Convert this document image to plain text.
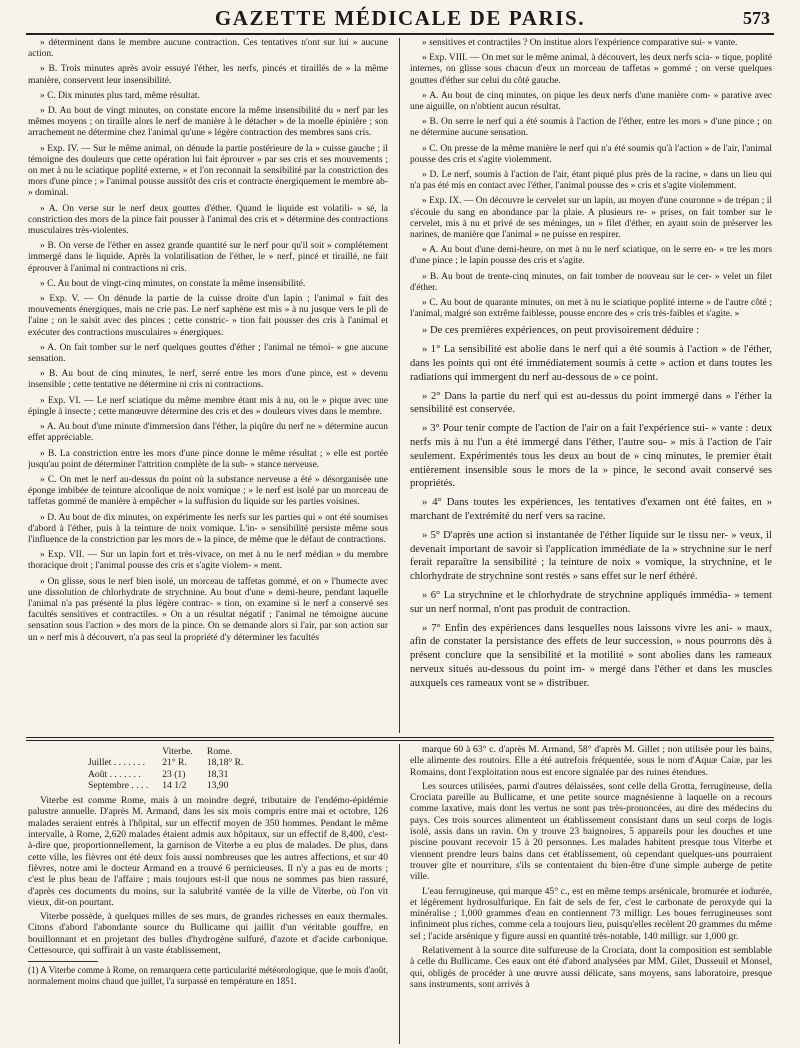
GAZETTE MÉDICALE DE PARIS.	573

» déterminent dans le membre aucune contraction. Ces tentatives n'ont sur lui » aucune action.

» B. Trois minutes après avoir essuyé l'éther, les nerfs, pincés et tiraillés de » la même manière, conservent leur insensibilité.

» C. Dix minutes plus tard, même résultat.

» D. Au bout de vingt minutes, on constate encore la même insensibilité du » nerf par les mêmes moyens ; on tiraille alors le nerf de manière à le détacher » de la moelle épinière ; son arrachement ne détermine chez l'animal qu'une » légère contraction des membres sans cris.

» Exp. IV. — Sur le même animal, on dénude la partie postérieure de la » cuisse gauche ; il témoigne des douleurs que cette opération lui fait éprouver » par ses cris et ses mouvements ; on met à nu le sciatique poplité externe, » et l'on reconnait la sensibilité par la constriction des mors d'une pince ; » l'animal pousse aussitôt des cris et contracte énergiquement le membre ab- » dominal.

» A. On verse sur le nerf deux gouttes d'éther. Quand le liquide est volatili- » sé, la constriction des mors de la pince fait pousser à l'animal des cris et » détermine des contractions musculaires très-violentes.

» B. On verse de l'éther en assez grande quantité sur le nerf pour qu'il soit » complétement immergé dans le liquide. Après la volatilisation de l'éther, le » nerf, pincé et tiraillé, ne fait éprouver à l'animal ni contractions ni cris.

» C. Au bout de vingt-cinq minutes, on constate la même insensibilité.

» Exp. V. — On dénude la partie de la cuisse droite d'un lapin ; l'animal » fait des mouvements énergiques, mais ne crie pas. Le nerf saphène est mis » à nu jusque vers le pli de l'aine ; on le saisit avec des pinces ; cette constric- » tion fait pousser des cris à l'animal et exécuter des contractions musculaires » énergiques.

» A. On fait tomber sur le nerf quelques gouttes d'éther ; l'animal ne témoi- » gne aucune sensation.

» B. Au bout de cinq minutes, le nerf, serré entre les mors d'une pince, est » devenu insensible ; cette tentative ne détermine ni cris ni contractions.

» Exp. VI. — Le nerf sciatique du même membre étant mis à nu, on le » pique avec une épingle à insecte ; cette manœuvre détermine des cris et des » douleurs vives dans le membre.

» A. Au bout d'une minute d'immersion dans l'éther, la piqûre du nerf ne » détermine aucun effet appréciable.

» B. La constriction entre les mors d'une pince donne le même résultat ; » elle est portée jusqu'au point de déterminer l'attrition complète de la sub- » stance nerveuse.

» C. On met le nerf au-dessus du point où la substance nerveuse a été » désorganisée une éponge imbibée de teinture alcoolique de noix vomique ; » le nerf est isolé par un morceau de taffetas gommé de manière à empêcher » la suffusion du liquide sur les parties voisines.

» D. Au bout de dix minutes, on expérimente les nerfs sur les parties qui » ont été soumises d'abord à l'éther, puis à la teinture de noix vomique. L'in- » sensibilité persiste même sous l'influence de la constriction par les mors de » la pince, de même que le défaut de contractions.

» Exp. VII. — Sur un lapin fort et très-vivace, on met à nu le nerf médian » du membre thoracique droit ; l'animal pousse des cris et s'agite violem- » ment.

» On glisse, sous le nerf bien isolé, un morceau de taffetas gommé, et on » l'humecte avec une dissolution de chlorhydrate de strychnine. Au bout d'une » demi-heure, pendant laquelle l'animal n'a pas présenté la plus légère contrac- » tion, on examine si le nerf a conservé ses facultés sensitives et contractiles. » On a un résultat négatif ; l'animal ne témoigne aucune sensation sous l'action » des mors de la pince. On se demande alors si l'air, par son action sur un » nerf mis à découvert, n'a pas seul la propriété d'y déterminer les facultés

» sensitives et contractiles ? On institue alors l'expérience comparative sui- » vante.

» Exp. VIII. — On met sur le même animal, à découvert, les deux nerfs scia- » tique, poplité internes, on glisse sous chacun d'eux un morceau de taffetas » gommé ; on verse quelques gouttes d'éther sur celui du côté gauche.

» A. Au bout de cinq minutes, on pique les deux nerfs d'une manière com- » parative avec une aiguille, on n'obtient aucun résultat.

» B. On serre le nerf qui a été soumis à l'action de l'éther, entre les mors » d'une pince ; on ne détermine aucune sensation.

» C. On presse de la même manière le nerf qui n'a été soumis qu'à l'action » de l'air, l'animal pousse des cris et s'agite violemment.

» D. Le nerf, soumis à l'action de l'air, étant piqué plus près de la racine, » dans un lieu qui n'a pas été mis en contact avec l'éther, l'animal pousse des » cris et s'agite violemment.

» Exp. IX. — On découvre le cervelet sur un lapin, au moyen d'une couronne » de trépan ; il s'écoule du sang en abondance par la plaie. A plusieurs re- » prises, on fait tomber sur le cervelet, mis à nu et privé de ses méninges, un » filet d'éther, en ayant soin de préserver les narines, de manière que l'animal » ne puisse en respirer.

» A. Au bout d'une demi-heure, on met à nu le nerf sciatique, on le serre en- » tre les mors d'une pince ; le lapin pousse des cris et s'agite.

» B. Au bout de trente-cinq minutes, on fait tomber de nouveau sur le cer- » velet un filet d'éther.

» C. Au bout de quarante minutes, on met à nu le sciatique poplité interne » de l'autre côté ; l'animal, malgré son extrême faiblesse, pousse encore des » cris très-faibles et s'agite. »

» De ces premières expériences, on peut provisoirement déduire :

» 1° La sensibilité est abolie dans le nerf qui a été soumis à l'action » de l'éther, dans les points qui ont été immédiatement soumis à cette » action et dans toutes les radiations qui immergent du nerf au-dessous de » ce point.

» 2° Dans la partie du nerf qui est au-dessus du point immergé dans » l'éther la sensibilité est conservée.

» 3° Pour tenir compte de l'action de l'air on a fait l'expérience sui- » vante : deux nerfs mis à nu l'un a été immergé dans l'éther, l'autre sou- » mis à l'action de l'air seulement. Expérimentés tous les deux au bout de » cinq minutes, le premier était entièrement insensible sous le mors de la » pince, le second avait conservé ses propriétés.

» 4° Dans toutes les expériences, les tentatives d'examen ont été faites, en » marchant de l'extrémité du nerf vers sa racine.

» 5° D'après une action si instantanée de l'éther liquide sur le tissu ner- » veux, il devenait important de savoir si l'application immédiate de la » strychnine sur le nerf ferait reparaître la sensibilité ; la teinture de noix » vomique, la strychnine, et le chlorhydrate de strychnine sont restés » sans effet sur le nerf éthéré.

» 6° La strychnine et le chlorhydrate de strychnine appliqués immédia- » tement sur un nerf normal, n'ont pas produit de contraction.

» 7° Enfin des expériences dans lesquelles nous laissons vivre les ani- » maux, afin de constater la persistance des effets de leur succession, » nous pourrons dès à présent conclure que la sensibilité et la motilité » sont abolies dans les rameaux nerveux situés au-dessous du point im- » mergé dans l'éther et dans les muscles auxquels ces rameaux vont se » distribuer.

	Viterbe.	Rome.
Juillet . . . . . . .	21° R.	18,18° R.
Août . . . . . . .	23 (1)	18,31
Septembre . . . .	14 1/2	13,90

Viterbe est comme Rome, mais à un moindre degré, tributaire de l'endémo-épidémie palustre annuelle. D'après M. Armand, dans les six mois compris entre mai et octobre, 126 malades seraient entrés à l'hôpital, sur un effectif moyen de 350 hommes. Pendant le même intervalle, à Rome, 2,620 malades étaient admis aux hôpitaux, sur un effectif de 8,400, c'est-à-dire que, proportionnellement, la garnison de Viterbe a eu plus de malades. De plus, dans cette ville, les fièvres ont été deux fois aussi nombreuses que les autres affections, et sur 40 fièvres, notre ami le docteur Armand en a trouvé 6 pernicieuses. Il n'y a pas eu de morts ; c'est le plus beau de l'affaire ; mais toujours est-il que nous ne sommes pas bien rassuré, d'après ces documents du moins, sur la salubrité vantée de la ville de Viterbe, où l'on vit vieux, dit-on pourtant.

Viterbe possède, à quelques milles de ses murs, de grandes richesses en eaux thermales. Citons d'abord l'abondante source du Bullicame qui jaillit d'un véritable gouffre, en bouillonnant et en projetant des bulles d'hydrogène sulfuré, d'azote et d'acide carbonique. Cettesource, qui suffirait à un vaste établissement,

(1) A Viterbe comme à Rome, on remarquera cette particularité météorologique, que le mois d'août, normalement moins chaud que juillet, l'a surpassé en température en 1851.

marque 60 à 63° c. d'après M. Armand, 58° d'après M. Gillet ; non utilisée pour les bains, elle alimente des routoirs. Elle a été autrefois fréquentée, sous le nom d'Aquæ Caiæ, par les Romains, dont l'exploitation nous est encore signalée par des ruines étendues.

Les sources utilisées, parmi d'autres délaissées, sont celle della Grotta, ferrugineuse, della Crociata pareille au Bullicame, et une petite source magnésienne à laquelle on a recours comme laxative, mais dont les vertus ne sont pas très-prononcées, au dire des médecins du pays. Ces trois sources alimentent un établissement consistant dans un seul corps de logis isolé, assis dans un ravin. On y trouve 23 baignoires, 5 appareils pour les douches et une piscine pouvant recevoir 15 à 20 personnes. Les malades habitent presque tous Viterbe et viennent prendre leurs bains dans cet établissement, où cependant quelques-uns pourraient trouver gîte et nourriture, s'ils se contentaient du bien-être d'une simple auberge de petite ville.

L'eau ferrugineuse, qui marque 45° c., est en même temps arsénicale, bromurée et iodurée, et légèrement hydrosulfurique. En fait de sels de fer, c'est le carbonate de peroxyde qui la minéralise ; 1,000 grammes d'eau en contiennent 73 milligr. Les boues ferrugineuses sont infiniment plus riches, comme cela a toujours lieu, puisqu'elles recèlent 20 grammes du même sel ; l'acide arsénique y figure aussi en quantité très-notable, 140 milligr. sur 1,000 gr.

Relativement à la source dite sulfureuse de la Crociata, dont la composition est semblable à celle du Bullicame. Ces eaux ont été d'abord analysées par MM. Gilet, Dusseuil et Monsel, qui, obligés de procéder à une œuvre aussi délicate, sans moyens, sans laboratoire, presque sans instruments, sont arrivés à
